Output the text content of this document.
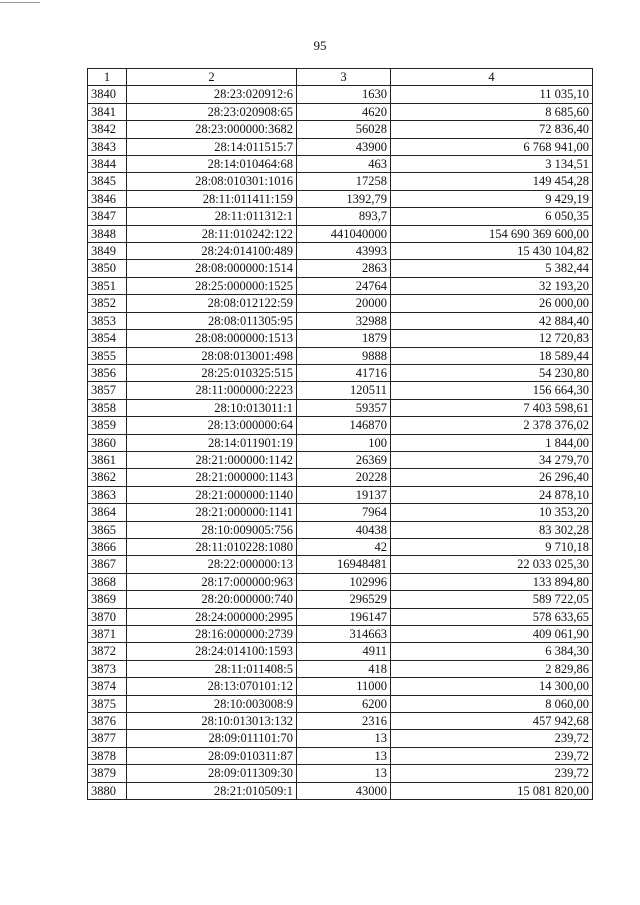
95
1	2	3	4
3840	28:23:020912:6	1630	11 035,10
3841	28:23:020908:65	4620	8 685,60
3842	28:23:000000:3682	56028	72 836,40
3843	28:14:011515:7	43900	6 768 941,00
3844	28:14:010464:68	463	3 134,51
3845	28:08:010301:1016	17258	149 454,28
3846	28:11:011411:159	1392,79	9 429,19
3847	28:11:011312:1	893,7	6 050,35
3848	28:11:010242:122	441040000	154 690 369 600,00
3849	28:24:014100:489	43993	15 430 104,82
3850	28:08:000000:1514	2863	5 382,44
3851	28:25:000000:1525	24764	32 193,20
3852	28:08:012122:59	20000	26 000,00
3853	28:08:011305:95	32988	42 884,40
3854	28:08:000000:1513	1879	12 720,83
3855	28:08:013001:498	9888	18 589,44
3856	28:25:010325:515	41716	54 230,80
3857	28:11:000000:2223	120511	156 664,30
3858	28:10:013011:1	59357	7 403 598,61
3859	28:13:000000:64	146870	2 378 376,02
3860	28:14:011901:19	100	1 844,00
3861	28:21:000000:1142	26369	34 279,70
3862	28:21:000000:1143	20228	26 296,40
3863	28:21:000000:1140	19137	24 878,10
3864	28:21:000000:1141	7964	10 353,20
3865	28:10:009005:756	40438	83 302,28
3866	28:11:010228:1080	42	9 710,18
3867	28:22:000000:13	16948481	22 033 025,30
3868	28:17:000000:963	102996	133 894,80
3869	28:20:000000:740	296529	589 722,05
3870	28:24:000000:2995	196147	578 633,65
3871	28:16:000000:2739	314663	409 061,90
3872	28:24:014100:1593	4911	6 384,30
3873	28:11:011408:5	418	2 829,86
3874	28:13:070101:12	11000	14 300,00
3875	28:10:003008:9	6200	8 060,00
3876	28:10:013013:132	2316	457 942,68
3877	28:09:011101:70	13	239,72
3878	28:09:010311:87	13	239,72
3879	28:09:011309:30	13	239,72
3880	28:21:010509:1	43000	15 081 820,00
